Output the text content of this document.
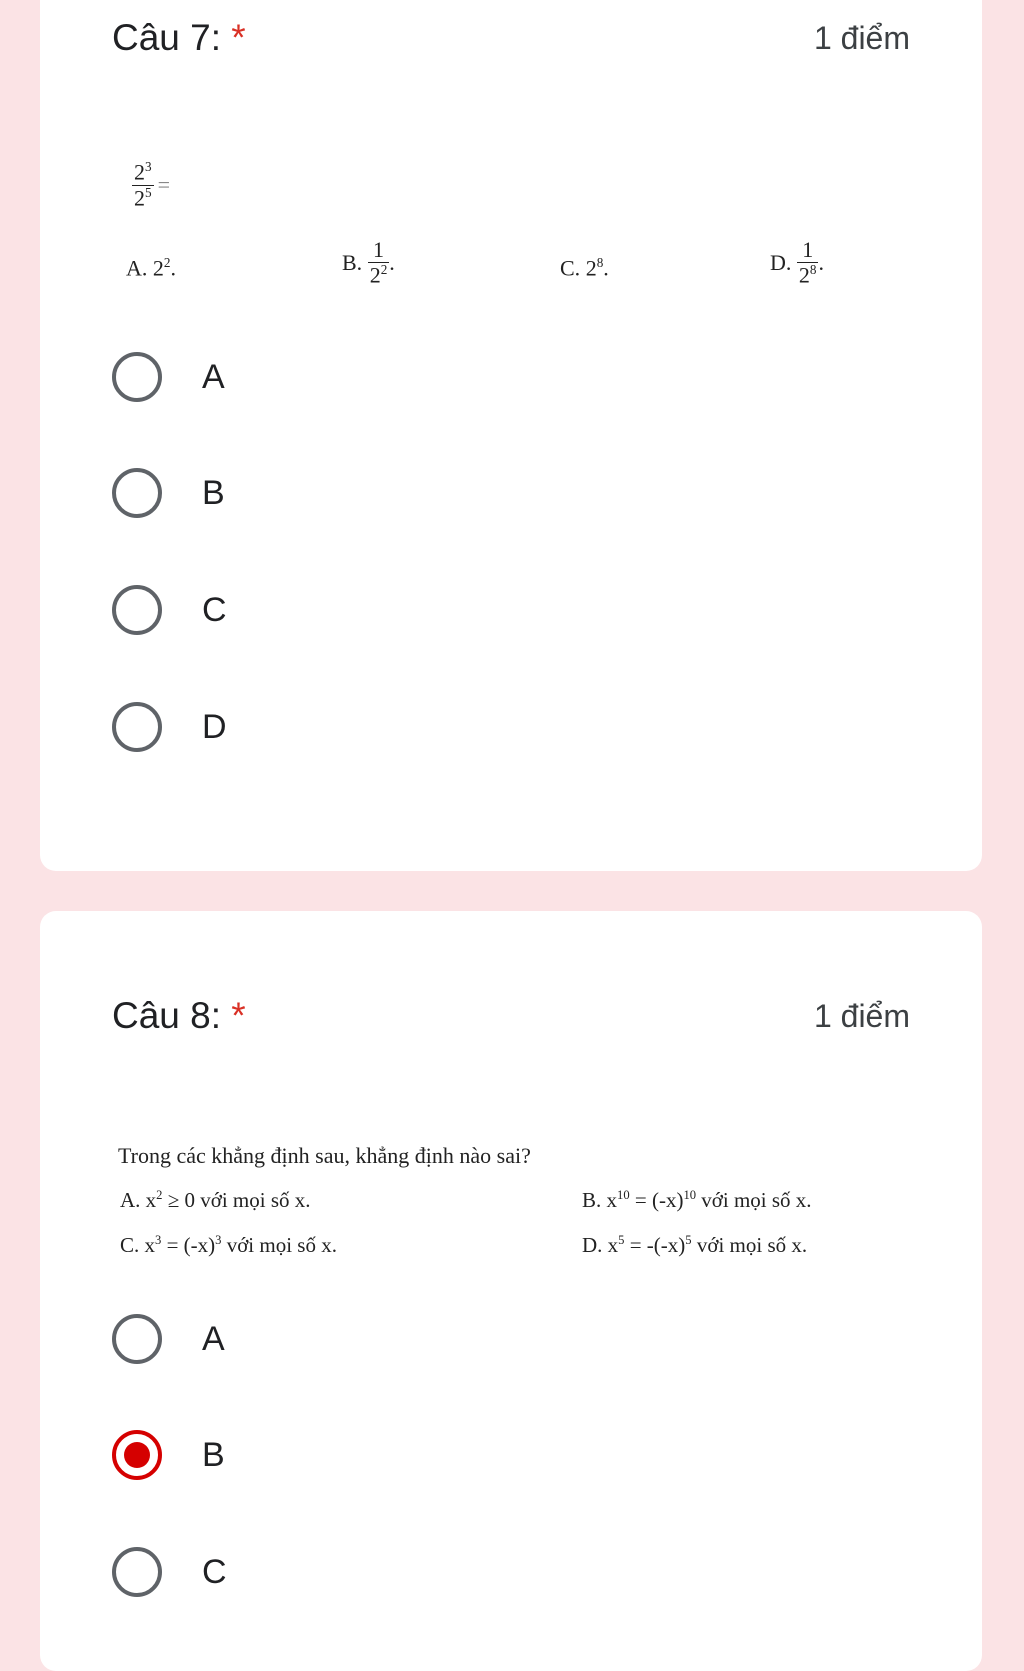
Câu 7: *	1 điểm
$\frac{2^3}{2^5}$ =
A. $2^2$.	B.
$\frac{1}{2^2}$ .	C. $2^8$.	D.
$\frac{1}{2^8}$ .
A
B
C
D
Câu 8: *	1 điểm
Trong các khẳng định sau, khẳng định nào sai?
A. $x^2 \ge 0$ với mọi số x.	B. $x^{10} = (-x)^{10}$ với mọi số x.
C. $x^3 = (-x)^3$ với mọi số x.	D. $x^5 = -(-x)^5$ với mọi số x.
A
B
C
